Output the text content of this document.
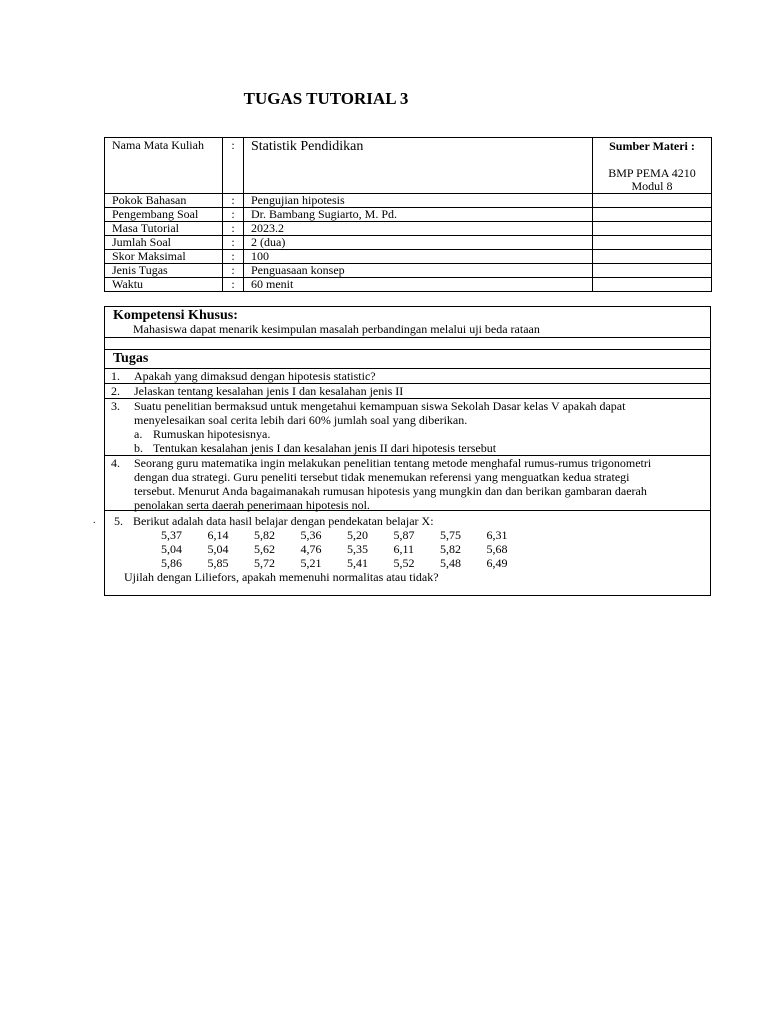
TUGAS TUTORIAL 3
Nama Mata Kuliah	:	Statistik Pendidikan	Sumber Materi :
BMP PEMA 4210
Modul 8

Pokok Bahasan	:	Pengujian hipotesis	
Pengembang Soal	:	Dr. Bambang Sugiarto, M. Pd.	
Masa Tutorial	:	2023.2	
Jumlah Soal	:	2 (dua)	
Skor Maksimal	:	100	
Jenis Tugas	:	Penguasaan konsep	
Waktu	:	60 menit	
Kompetensi Khusus:
Mahasiswa dapat menarik kesimpulan masalah perbandingan melalui uji beda rataan
Tugas
1. Apakah yang dimaksud dengan hipotesis statistic?
2. Jelaskan tentang kesalahan jenis I dan kesalahan jenis II
3. Suatu penelitian bermaksud untuk mengetahui kemampuan siswa Sekolah Dasar kelas V apakah dapat
menyelesaikan soal cerita lebih dari 60% jumlah soal yang diberikan.
a. Rumuskan hipotesisnya.
b. Tentukan kesalahan jenis I dan kesalahan jenis II dari hipotesis tersebut
4. Seorang guru matematika ingin melakukan penelitian tentang metode menghafal rumus-rumus trigonometri
dengan dua strategi. Guru peneliti tersebut tidak menemukan referensi yang menguatkan kedua strategi
tersebut. Menurut Anda bagaimanakah rumusan hipotesis yang mungkin dan dan berikan gambaran daerah
penolakan serta daerah penerimaan hipotesis nol.
.	5. Berikut adalah data hasil belajar dengan pendekatan belajar X:
5,37	6,14	5,82	5,36	5,20	5,87	5,75	6,31
5,04	5,04	5,62	4,76	5,35	6,11	5,82	5,68
5,86	5,85	5,72	5,21	5,41	5,52	5,48	6,49
Ujilah dengan Liliefors, apakah memenuhi normalitas atau tidak?
